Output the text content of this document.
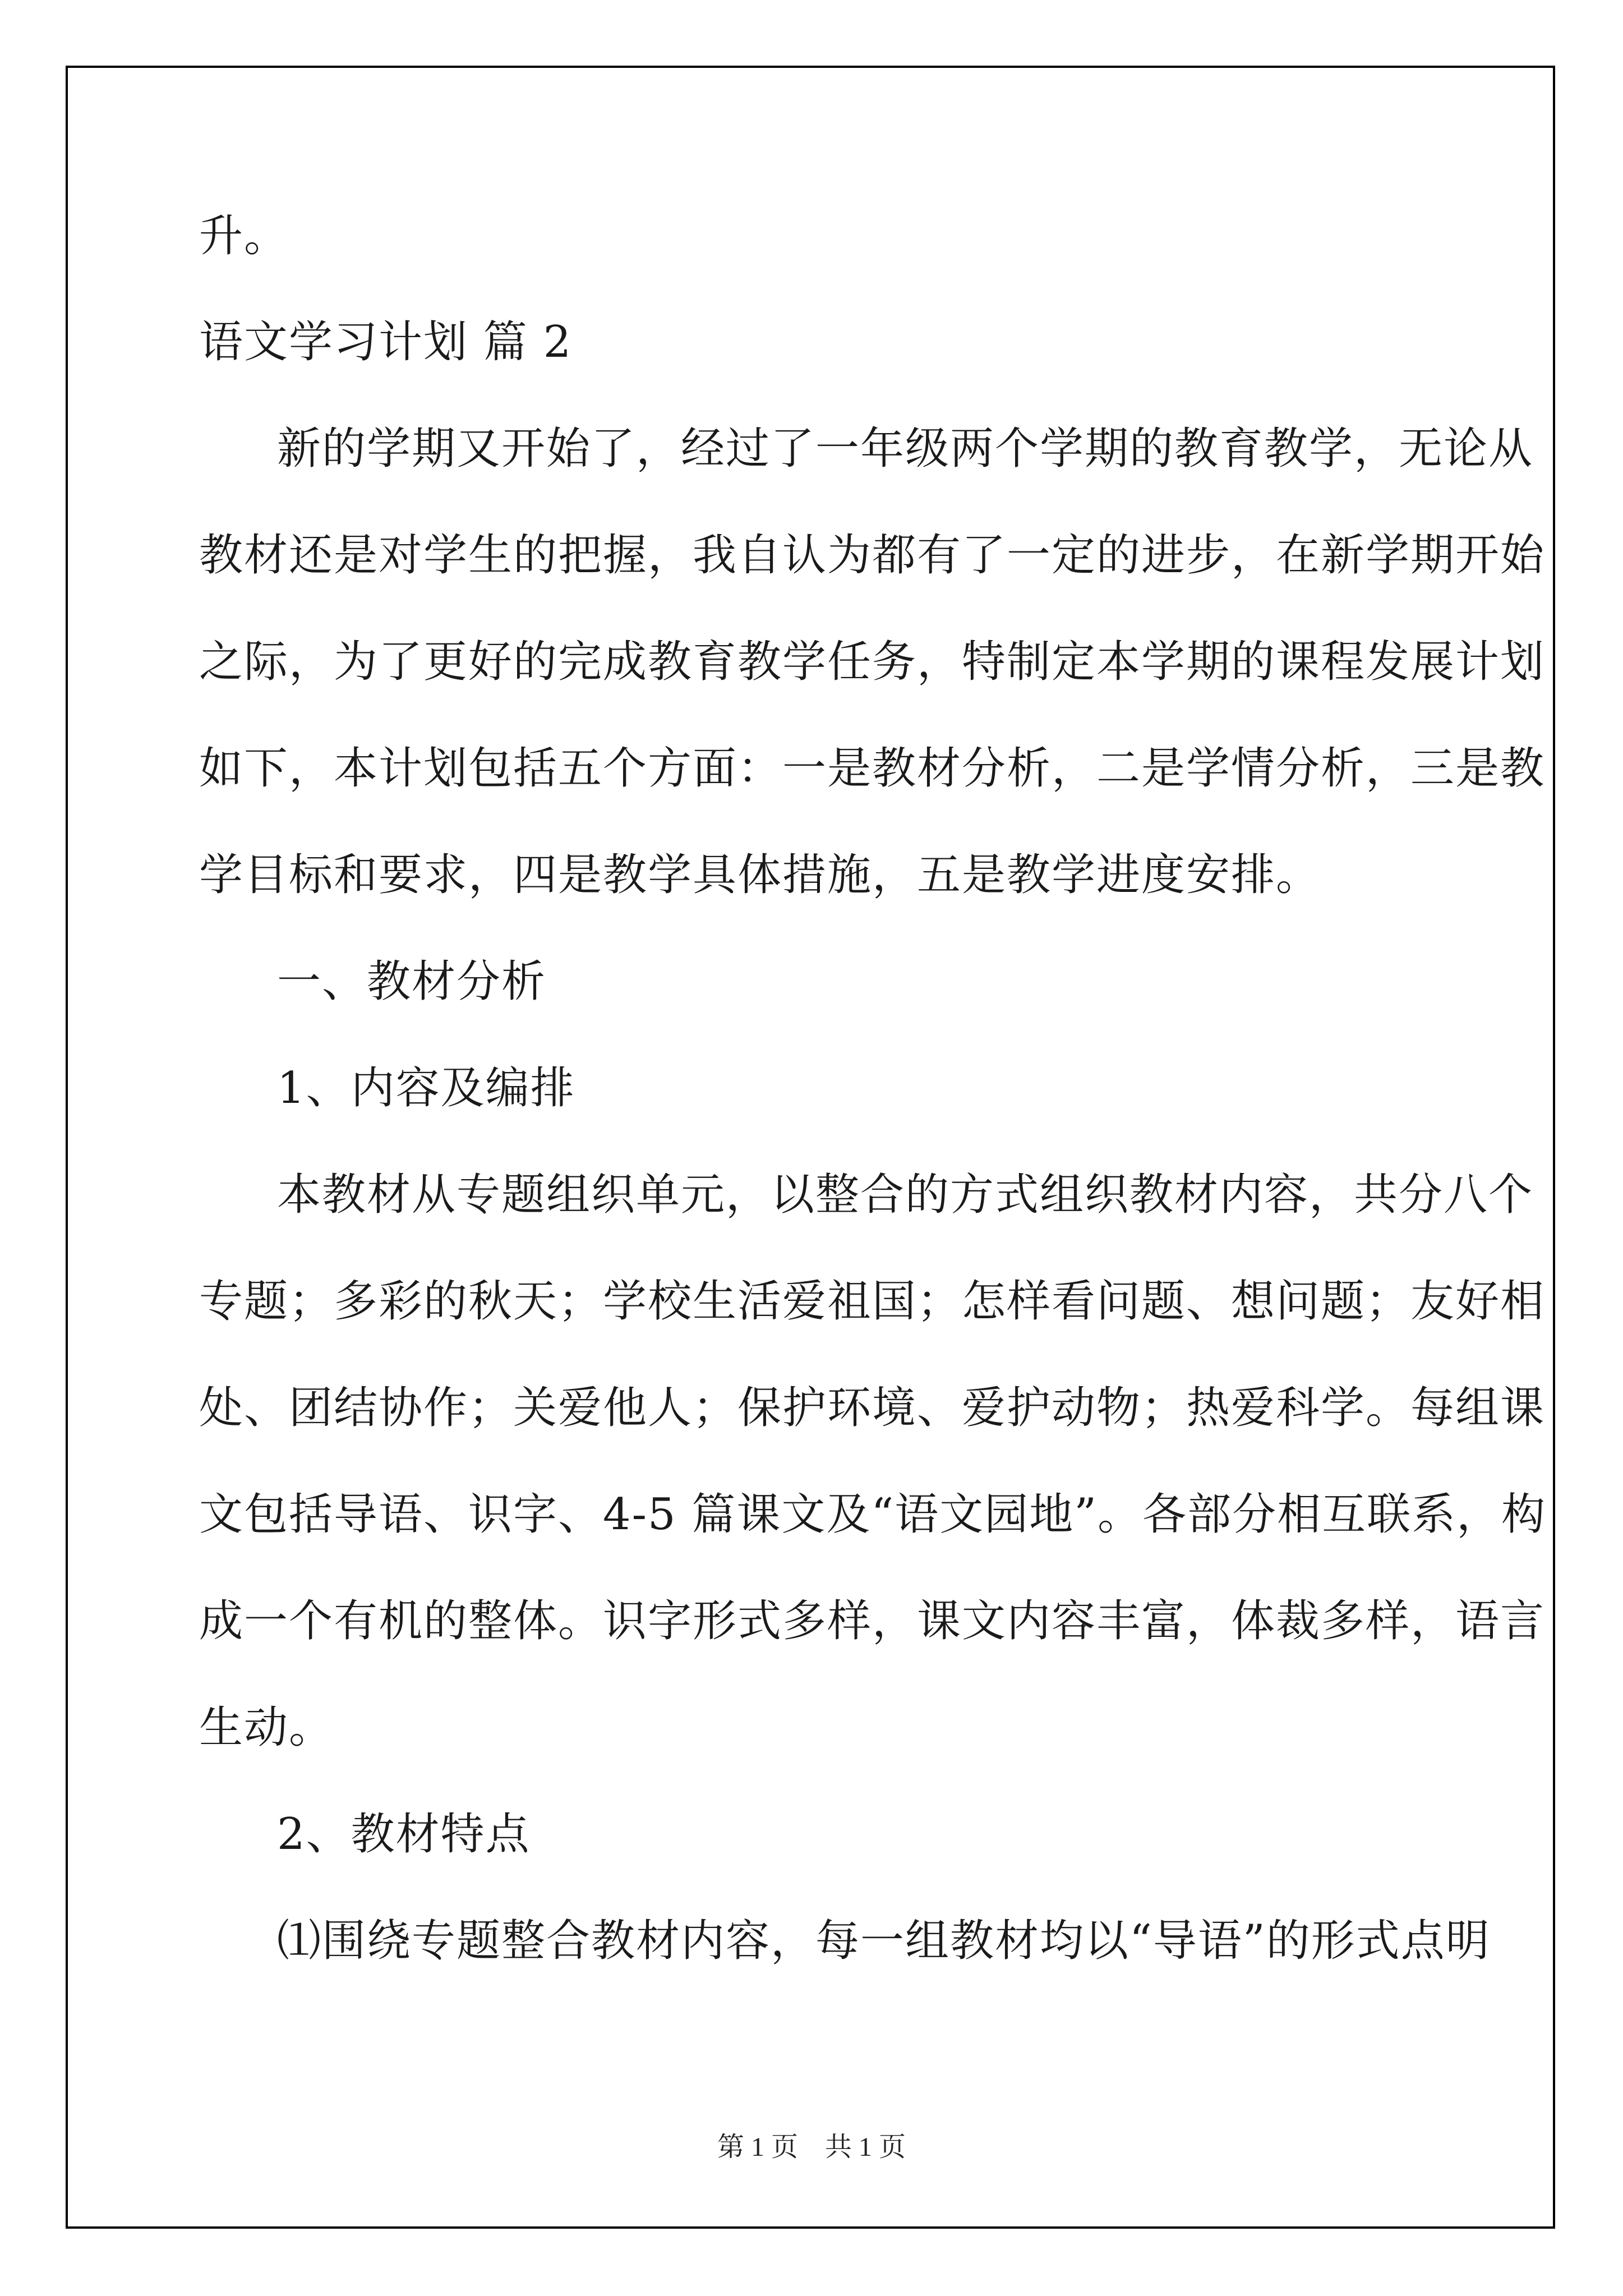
升。
语文学习计划 篇 2
新的学期又开始了，经过了一年级两个学期的教育教学，无论从
教材还是对学生的把握，我自认为都有了一定的进步，在新学期开始
之际，为了更好的完成教育教学任务，特制定本学期的课程发展计划
如下，本计划包括五个方面：一是教材分析，二是学情分析，三是教
学目标和要求，四是教学具体措施，五是教学进度安排。
一、教材分析
1、内容及编排
本教材从专题组织单元，以整合的方式组织教材内容，共分八个
专题；多彩的秋天；学校生活爱祖国；怎样看问题、想问题；友好相
处、团结协作；关爱他人；保护环境、爱护动物；热爱科学。每组课
文包括导语、识字、4-5 篇课文及“语文园地”。各部分相互联系，构
成一个有机的整体。识字形式多样，课文内容丰富，体裁多样，语言
生动。
2、教材特点
⑴围绕专题整合教材内容，每一组教材均以“导语”的形式点明
第 1 页　共 1 页
